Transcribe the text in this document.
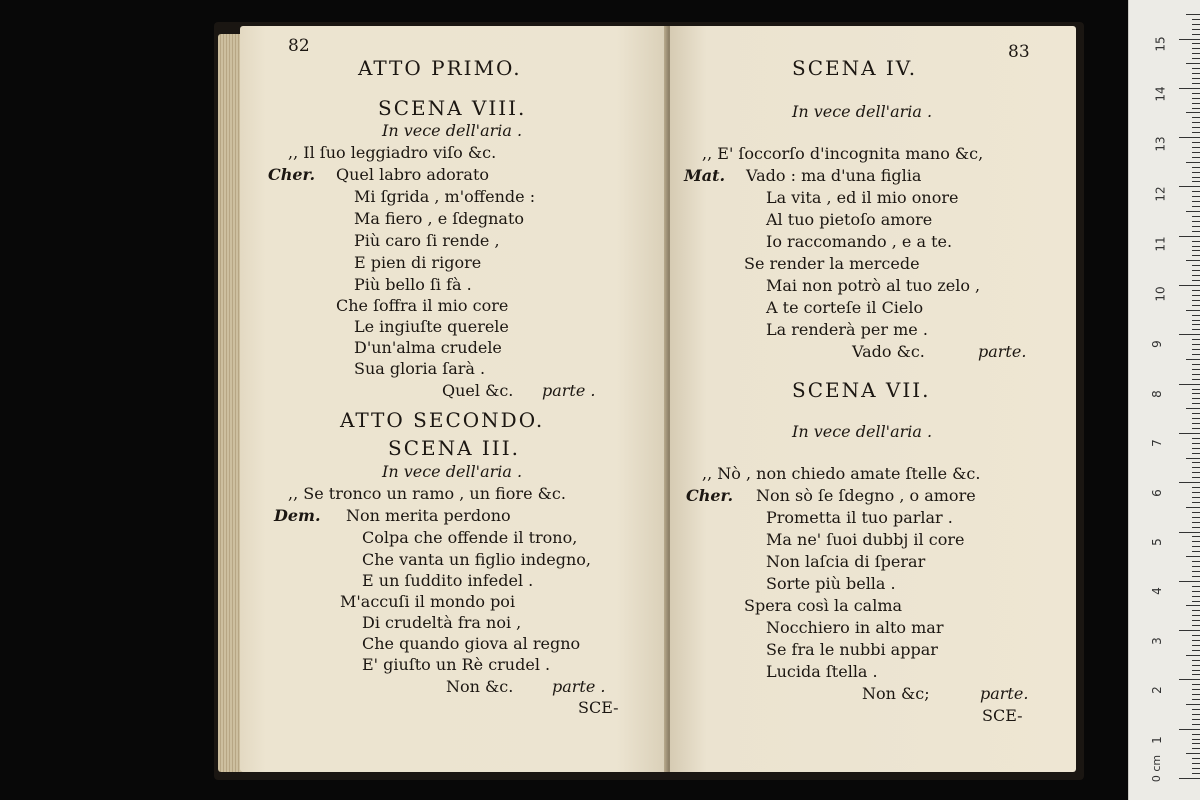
82
ATTO PRIMO.
SCENA VIII.
In vece dell'aria .
,, Il ſuo leggiadro viſo &c.
Cher. Quel labro adorato
Mi ſgrida , m'offende :
Ma fiero , e ſdegnato
Più caro ſi rende ,
E pien di rigore
Più bello ſi fà .
Che ſoffra il mio core
Le ingiuſte querele
D'un'alma crudele
Sua gloria ſarà .
Quel &c. parte .
ATTO SECONDO.
SCENA III.
In vece dell'aria .
,, Se tronco un ramo , un fiore &c.
Dem. Non merita perdono
Colpa che offende il trono,
Che vanta un figlio indegno,
E un ſuddito infedel .
M'accuſi il mondo poi
Di crudeltà fra noi ,
Che quando giova al regno
E' giuſto un Rè crudel .
Non &c. parte .
SCE-
83
SCENA IV.
In vece dell'aria .
,, E' ſoccorſo d'incognita mano &c,
Mat. Vado : ma d'una figlia
La vita , ed il mio onore
Al tuo pietoſo amore
Io raccomando , e a te.
Se render la mercede
Mai non potrò al tuo zelo ,
A te corteſe il Cielo
La renderà per me .
Vado &c.	parte.
SCENA VII.
In vece dell'aria .
,, Nò , non chiedo amate ſtelle &c.
Cher. Non sò ſe ſdegno , o amore
Prometta il tuo parlar .
Ma ne' ſuoi dubbj il core
Non laſcia di ſperar
Sorte più bella .
Spera così la calma
Nocchiero in alto mar
Se fra le nubbi appar
Lucida ſtella .
Non &c;	parte.
SCE-
0 cm
1
2
3
4
5
6
7
8
9
10
11
12
13
14
15
